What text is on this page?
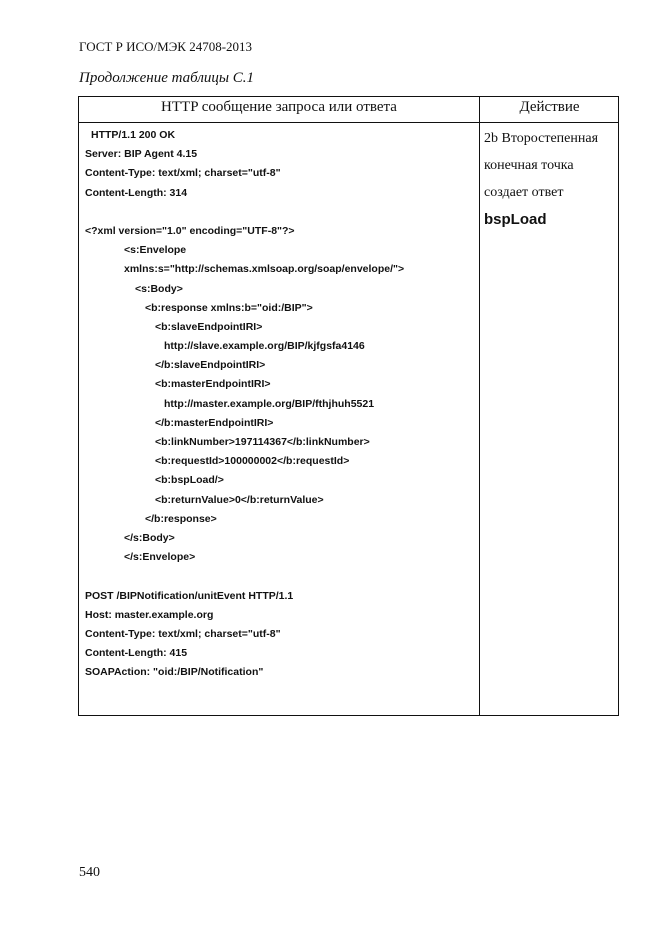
ГОСТ Р ИСО/МЭК 24708-2013
Продолжение таблицы С.1
HTTP сообщение запроса или ответа	Действие
HTTP/1.1 200 OK
Server: BIP Agent 4.15
Content-Type: text/xml; charset="utf-8"
Content-Length: 314
<?xml version="1.0" encoding="UTF-8"?>
<s:Envelope
xmlns:s="http://schemas.xmlsoap.org/soap/envelope/">
<s:Body>
<b:response xmlns:b="oid:/BIP">
<b:slaveEndpointIRI>
http://slave.example.org/BIP/kjfgsfa4146
</b:slaveEndpointIRI>
<b:masterEndpointIRI>
http://master.example.org/BIP/fthjhuh5521
</b:masterEndpointIRI>
<b:linkNumber>197114367</b:linkNumber>
<b:requestId>100000002</b:requestId>
<b:bspLoad/>
<b:returnValue>0</b:returnValue>
</b:response>
</s:Body>
</s:Envelope>
POST /BIPNotification/unitEvent HTTP/1.1
Host: master.example.org
Content-Type: text/xml; charset="utf-8"
Content-Length: 415
SOAPAction: "oid:/BIP/Notification"
2b Второстепенная
конечная точка
создает ответ
bspLoad
540
